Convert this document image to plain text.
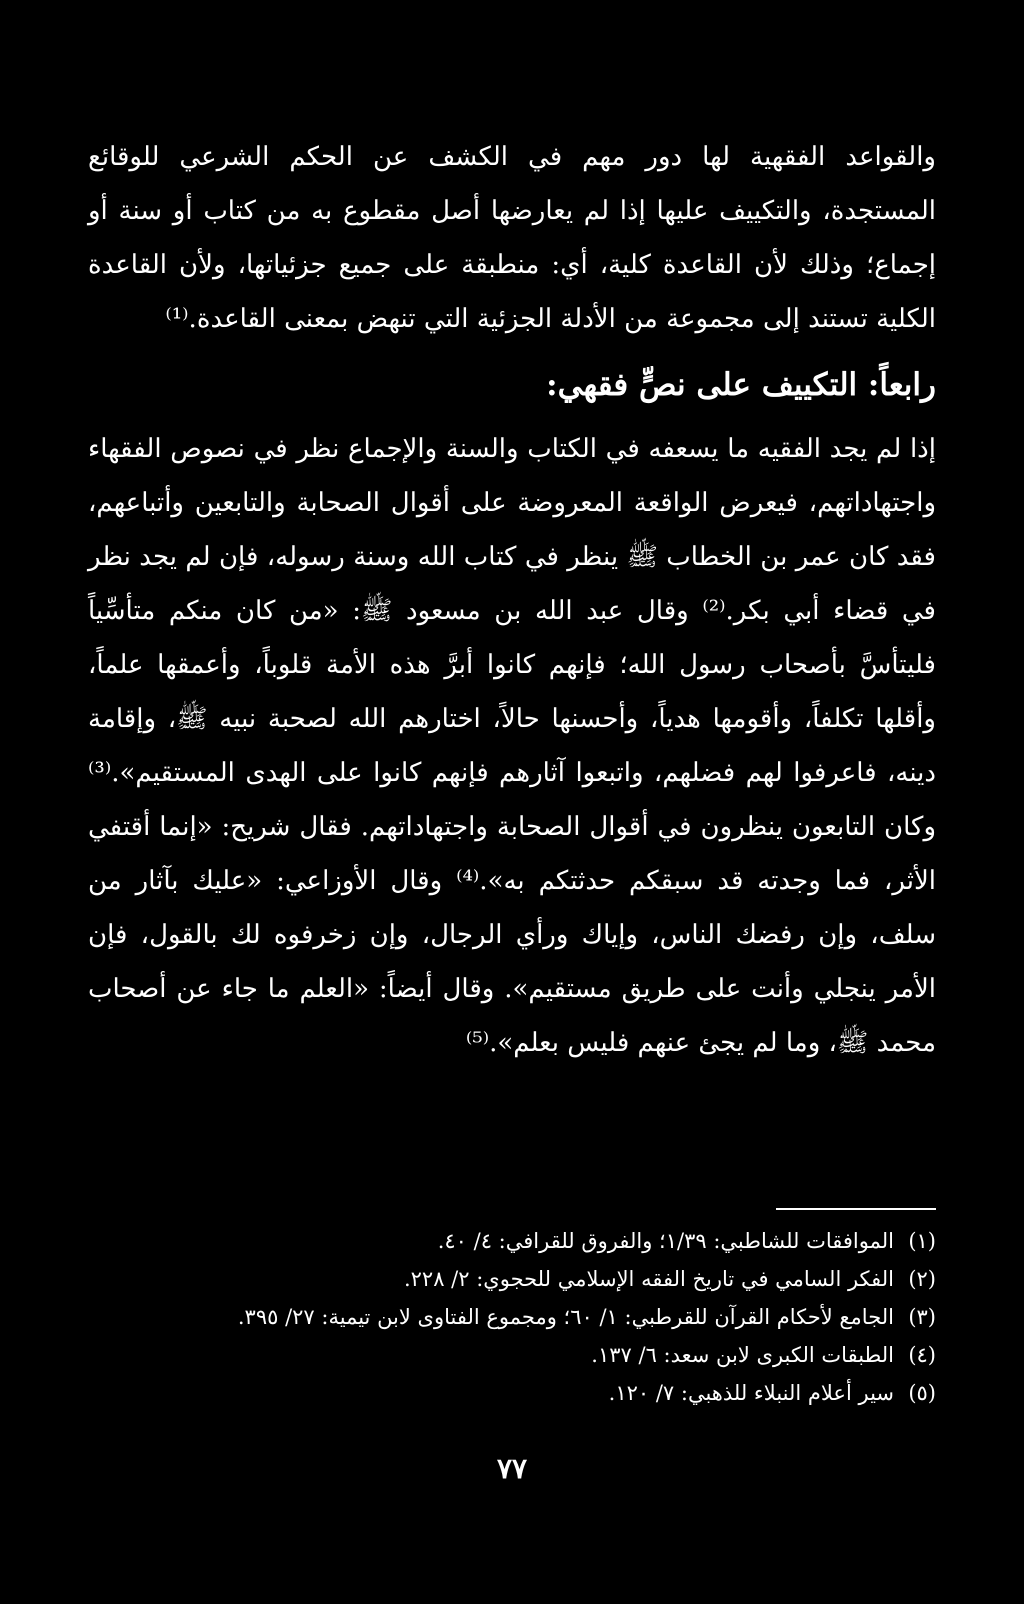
والقواعد الفقهية لها دور مهم في الكشف عن الحكم الشرعي للوقائع المستجدة، والتكييف عليها إذا لم يعارضها أصل مقطوع به من كتاب أو سنة أو إجماع؛ وذلك لأن القاعدة كلية، أي: منطبقة على جميع جزئياتها، ولأن القاعدة الكلية تستند إلى مجموعة من الأدلة الجزئية التي تنهض بمعنى القاعدة.⁽¹⁾

رابعاً: التكييف على نصٍّ فقهي:

إذا لم يجد الفقيه ما يسعفه في الكتاب والسنة والإجماع نظر في نصوص الفقهاء واجتهاداتهم، فيعرض الواقعة المعروضة على أقوال الصحابة والتابعين وأتباعهم، فقد كان عمر بن الخطاب ﷺ ينظر في كتاب الله وسنة رسوله، فإن لم يجد نظر في قضاء أبي بكر.⁽²⁾ وقال عبد الله بن مسعود ﷺ: «من كان منكم متأسِّياً فليتأسَّ بأصحاب رسول الله؛ فإنهم كانوا أبرَّ هذه الأمة قلوباً، وأعمقها علماً، وأقلها تكلفاً، وأقومها هدياً، وأحسنها حالاً، اختارهم الله لصحبة نبيه ﷺ، وإقامة دينه، فاعرفوا لهم فضلهم، واتبعوا آثارهم فإنهم كانوا على الهدى المستقيم».⁽³⁾ وكان التابعون ينظرون في أقوال الصحابة واجتهاداتهم. فقال شريح: «إنما أقتفي الأثر، فما وجدته قد سبقكم حدثتكم به».⁽⁴⁾ وقال الأوزاعي: «عليك بآثار من سلف، وإن رفضك الناس، وإياك ورأي الرجال، وإن زخرفوه لك بالقول، فإن الأمر ينجلي وأنت على طريق مستقيم». وقال أيضاً: «العلم ما جاء عن أصحاب محمد ﷺ، وما لم يجئ عنهم فليس بعلم».⁽⁵⁾

(١)الموافقات للشاطبي: ١/٣٩؛ والفروق للقرافي: ٤/ ٤٠.
(٢)الفكر السامي في تاريخ الفقه الإسلامي للحجوي: ٢/ ٢٢٨.
(٣)الجامع لأحكام القرآن للقرطبي: ١/ ٦٠؛ ومجموع الفتاوى لابن تيمية: ٢٧/ ٣٩٥.
(٤)الطبقات الكبرى لابن سعد: ٦/ ١٣٧.
(٥)سير أعلام النبلاء للذهبي: ٧/ ١٢٠.
٧٧
